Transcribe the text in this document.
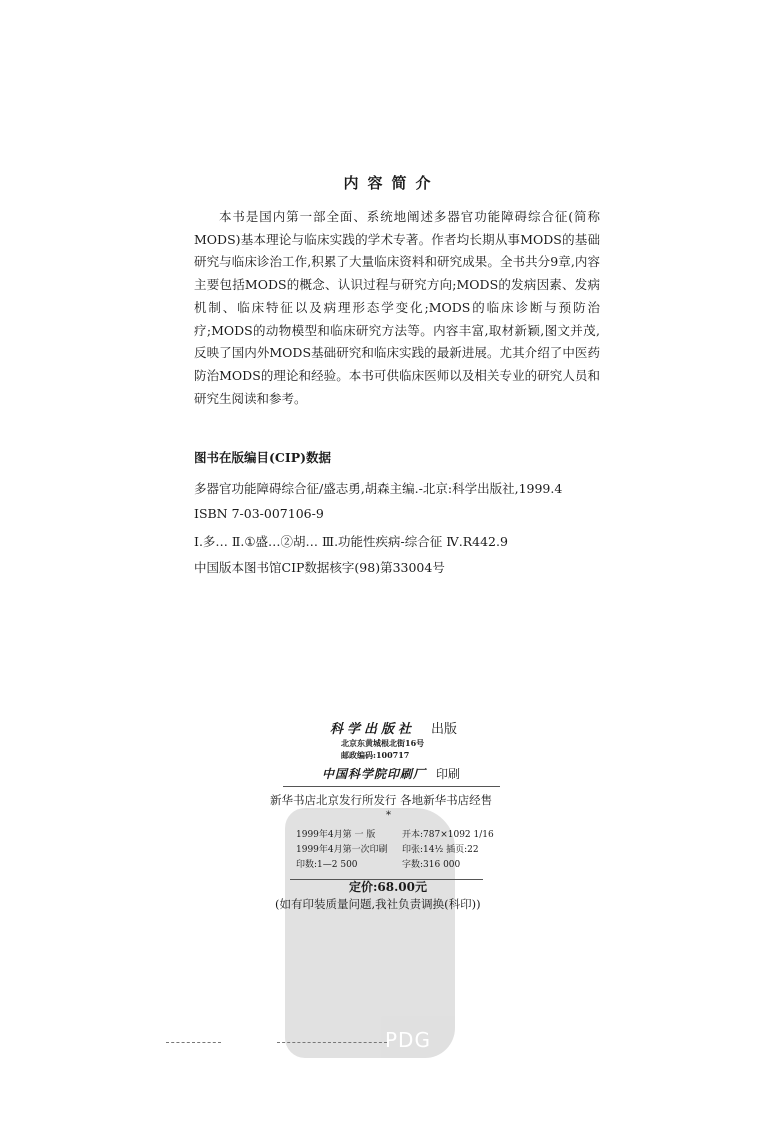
内容简介

本书是国内第一部全面、系统地阐述多器官功能障碍综合征(简称MODS)基本理论与临床实践的学术专著。作者均长期从事MODS的基础研究与临床诊治工作,积累了大量临床资料和研究成果。全书共分9章,内容主要包括MODS的概念、认识过程与研究方向;MODS的发病因素、发病机制、临床特征以及病理形态学变化;MODS的临床诊断与预防治疗;MODS的动物模型和临床研究方法等。内容丰富,取材新颖,图文并茂,反映了国内外MODS基础研究和临床实践的最新进展。尤其介绍了中医药防治MODS的理论和经验。本书可供临床医师以及相关专业的研究人员和研究生阅读和参考。

图书在版编目(CIP)数据
多器官功能障碍综合征/盛志勇,胡森主编.-北京:科学出版社,1999.4
ISBN 7-03-007106-9
Ⅰ.多… Ⅱ.①盛…②胡… Ⅲ.功能性疾病-综合征 Ⅳ.R442.9
中国版本图书馆CIP数据核字(98)第33004号
PDG
科学出版社 出版
北京东黄城根北街16号
邮政编码:100717
中国科学院印刷厂 印刷
新华书店北京发行所发行 各地新华书店经售
*
1999年4月第 一 版	开本:787×1092 1/16
1999年4月第一次印刷	印张:14½ 插页:22
印数:1—2 500	字数:316 000
定价:68.00元
(如有印装质量问题,我社负责调换(科印))
